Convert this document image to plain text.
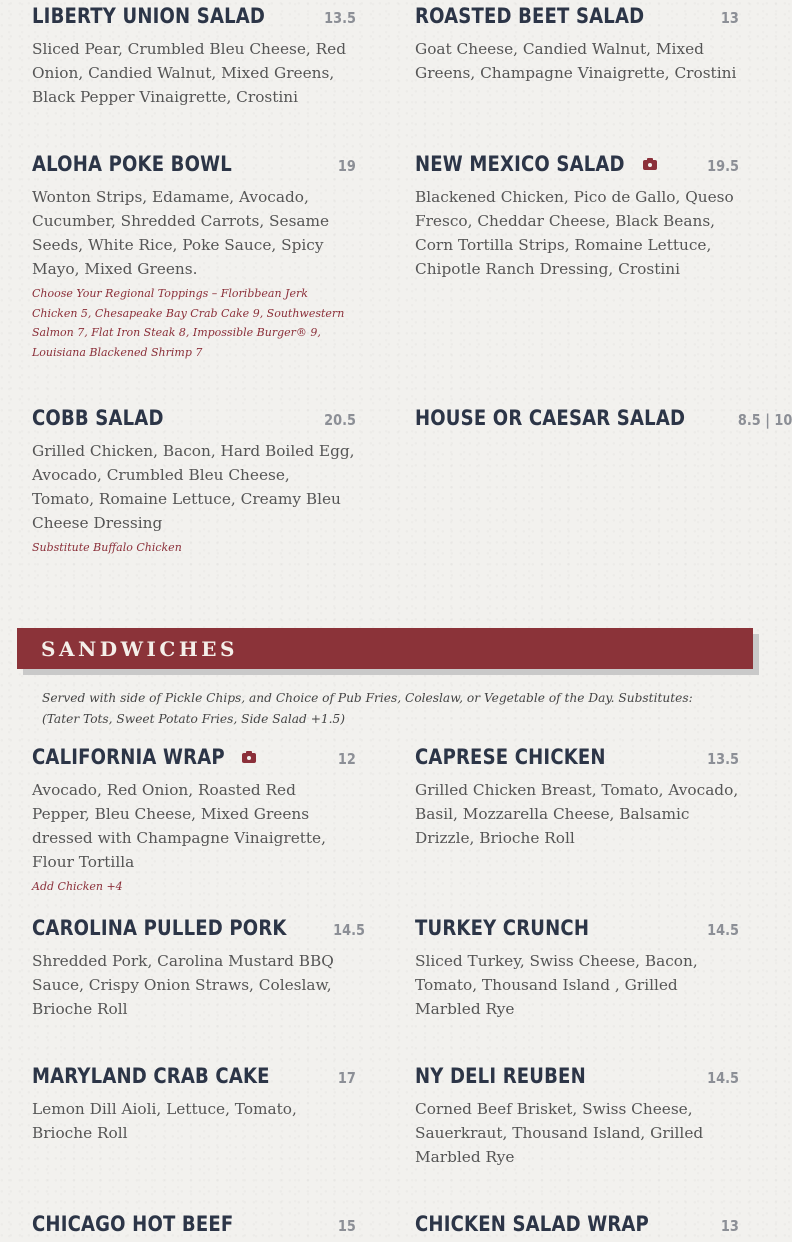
LIBERTY UNION SALAD	13.5
Sliced Pear, Crumbled Bleu Cheese, Red Onion, Candied Walnut, Mixed Greens, Black Pepper Vinaigrette, Crostini
ROASTED BEET SALAD	13
Goat Cheese, Candied Walnut, Mixed Greens, Champagne Vinaigrette, Crostini
ALOHA POKE BOWL	19
Wonton Strips, Edamame, Avocado, Cucumber, Shredded Carrots, Sesame Seeds, White Rice, Poke Sauce, Spicy Mayo, Mixed Greens.
Choose Your Regional Toppings – Floribbean Jerk Chicken 5, Chesapeake Bay Crab Cake 9, Southwestern Salmon 7, Flat Iron Steak 8, Impossible Burger® 9, Louisiana Blackened Shrimp 7
NEW MEXICO SALAD	19.5
Blackened Chicken, Pico de Gallo, Queso Fresco, Cheddar Cheese, Black Beans, Corn Tortilla Strips, Romaine Lettuce, Chipotle Ranch Dressing, Crostini
COBB SALAD	20.5
Grilled Chicken, Bacon, Hard Boiled Egg, Avocado, Crumbled Bleu Cheese, Tomato, Romaine Lettuce, Creamy Bleu Cheese Dressing
Substitute Buffalo Chicken
HOUSE OR CAESAR SALAD	8.5 | 10
SANDWICHES
Served with side of Pickle Chips, and Choice of Pub Fries, Coleslaw, or Vegetable of the Day. Substitutes: (Tater Tots, Sweet Potato Fries, Side Salad +1.5)
CALIFORNIA WRAP	12
Avocado, Red Onion, Roasted Red Pepper, Bleu Cheese, Mixed Greens dressed with Champagne Vinaigrette, Flour Tortilla
Add Chicken +4
CAPRESE CHICKEN	13.5
Grilled Chicken Breast, Tomato, Avocado, Basil, Mozzarella Cheese, Balsamic Drizzle, Brioche Roll
CAROLINA PULLED PORK	14.5
Shredded Pork, Carolina Mustard BBQ Sauce, Crispy Onion Straws, Coleslaw, Brioche Roll
TURKEY CRUNCH	14.5
Sliced Turkey, Swiss Cheese, Bacon, Tomato, Thousand Island , Grilled Marbled Rye
MARYLAND CRAB CAKE	17
Lemon Dill Aioli, Lettuce, Tomato, Brioche Roll
NY DELI REUBEN	14.5
Corned Beef Brisket, Swiss Cheese, Sauerkraut, Thousand Island, Grilled Marbled Rye
CHICAGO HOT BEEF	15	CHICKEN SALAD WRAP	13
